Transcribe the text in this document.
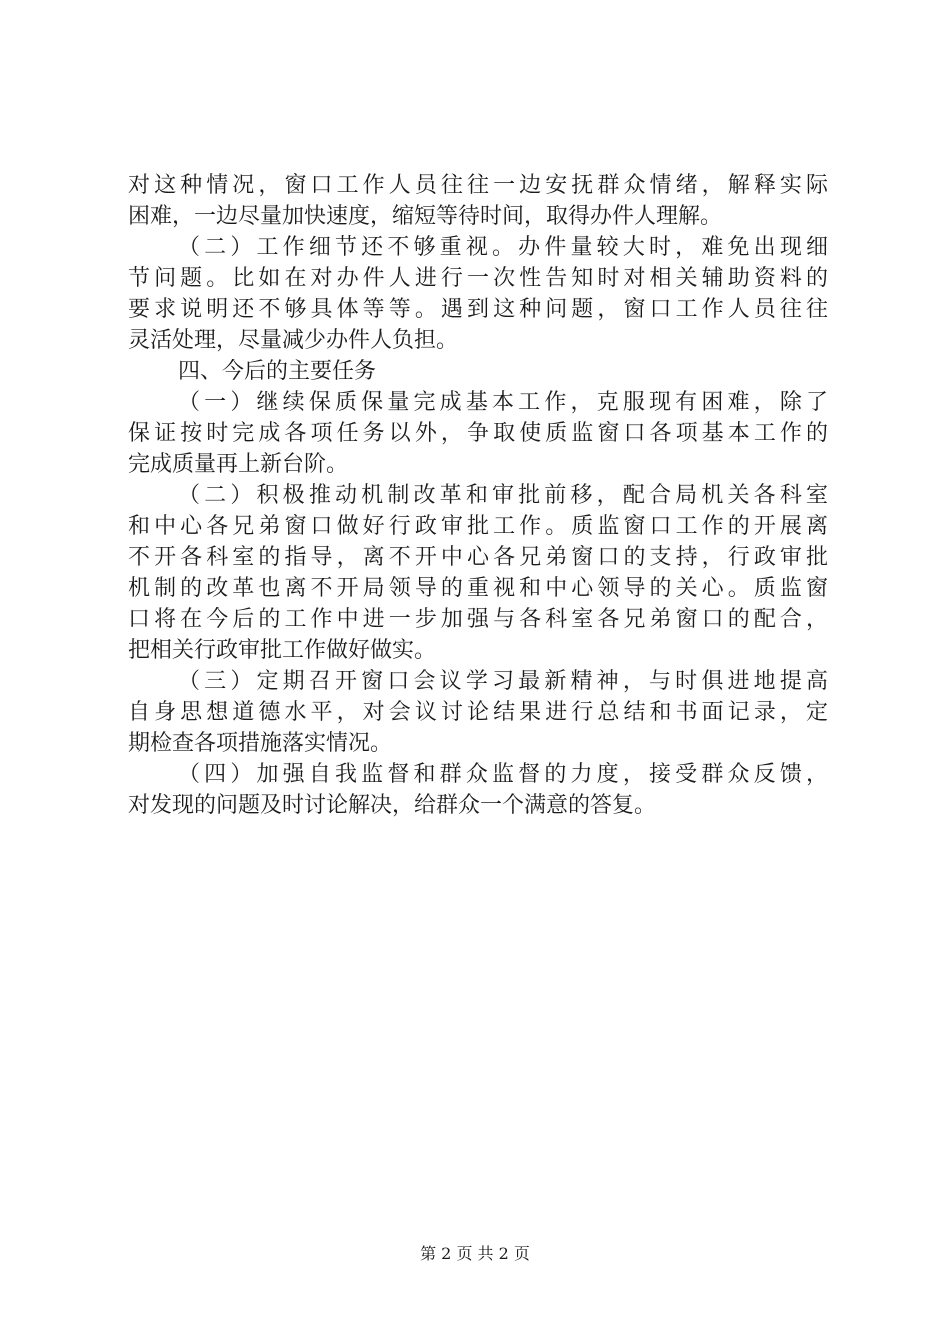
对这种情况，窗口工作人员往往一边安抚群众情绪，解释实际
困难，一边尽量加快速度，缩短等待时间，取得办件人理解。
（二）工作细节还不够重视。办件量较大时，难免出现细
节问题。比如在对办件人进行一次性告知时对相关辅助资料的
要求说明还不够具体等等。遇到这种问题，窗口工作人员往往
灵活处理，尽量减少办件人负担。
四、今后的主要任务
（一）继续保质保量完成基本工作，克服现有困难，除了
保证按时完成各项任务以外，争取使质监窗口各项基本工作的
完成质量再上新台阶。
（二）积极推动机制改革和审批前移，配合局机关各科室
和中心各兄弟窗口做好行政审批工作。质监窗口工作的开展离
不开各科室的指导，离不开中心各兄弟窗口的支持，行政审批
机制的改革也离不开局领导的重视和中心领导的关心。质监窗
口将在今后的工作中进一步加强与各科室各兄弟窗口的配合，
把相关行政审批工作做好做实。
（三）定期召开窗口会议学习最新精神，与时俱进地提高
自身思想道德水平，对会议讨论结果进行总结和书面记录，定
期检查各项措施落实情况。
（四）加强自我监督和群众监督的力度，接受群众反馈，
对发现的问题及时讨论解决，给群众一个满意的答复。
第 2 页 共 2 页
